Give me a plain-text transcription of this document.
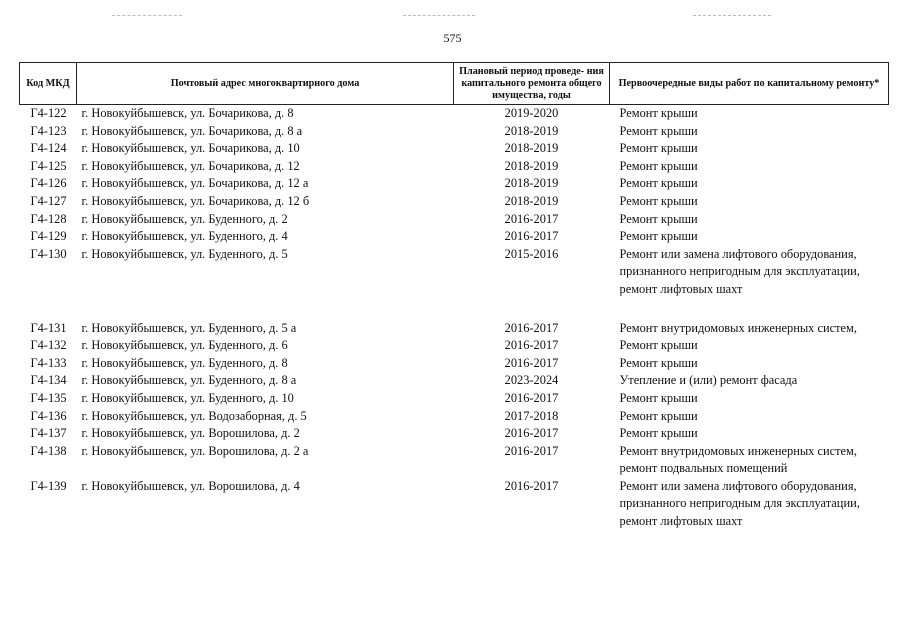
575
Код МКД	Почтовый адрес многоквартирного дома	Плановый период проведе- ния капитального ремонта общего имущества, годы	Первоочередные виды работ по капитальному ремонту*
Г4-122	г. Новокуйбышевск, ул. Бочарикова, д. 8	2019-2020	Ремонт крыши
Г4-123	г. Новокуйбышевск, ул. Бочарикова, д. 8 а	2018-2019	Ремонт крыши
Г4-124	г. Новокуйбышевск, ул. Бочарикова, д. 10	2018-2019	Ремонт крыши
Г4-125	г. Новокуйбышевск, ул. Бочарикова, д. 12	2018-2019	Ремонт крыши
Г4-126	г. Новокуйбышевск, ул. Бочарикова, д. 12 а	2018-2019	Ремонт крыши
Г4-127	г. Новокуйбышевск, ул. Бочарикова, д. 12 б	2018-2019	Ремонт крыши
Г4-128	г. Новокуйбышевск, ул. Буденного, д. 2	2016-2017	Ремонт крыши
Г4-129	г. Новокуйбышевск, ул. Буденного, д. 4	2016-2017	Ремонт крыши
Г4-130	г. Новокуйбышевск, ул. Буденного, д. 5	2015-2016	Ремонт или замена лифтового оборудования, признанного непригодным для эксплуатации, ремонт лифтовых шахт
Г4-131	г. Новокуйбышевск, ул. Буденного, д. 5 а	2016-2017	Ремонт внутридомовых инженерных систем,
Г4-132	г. Новокуйбышевск, ул. Буденного, д. 6	2016-2017	Ремонт крыши
Г4-133	г. Новокуйбышевск, ул. Буденного, д. 8	2016-2017	Ремонт крыши
Г4-134	г. Новокуйбышевск, ул. Буденного, д. 8 а	2023-2024	Утепление и (или) ремонт фасада
Г4-135	г. Новокуйбышевск, ул. Буденного, д. 10	2016-2017	Ремонт крыши
Г4-136	г. Новокуйбышевск, ул. Водозаборная, д. 5	2017-2018	Ремонт крыши
Г4-137	г. Новокуйбышевск, ул. Ворошилова, д. 2	2016-2017	Ремонт крыши
Г4-138	г. Новокуйбышевск, ул. Ворошилова, д. 2 а	2016-2017	Ремонт внутридомовых инженерных систем, ремонт подвальных помещений
Г4-139	г. Новокуйбышевск, ул. Ворошилова, д. 4	2016-2017	Ремонт или замена лифтового оборудования, признанного непригодным для эксплуатации, ремонт лифтовых шахт
